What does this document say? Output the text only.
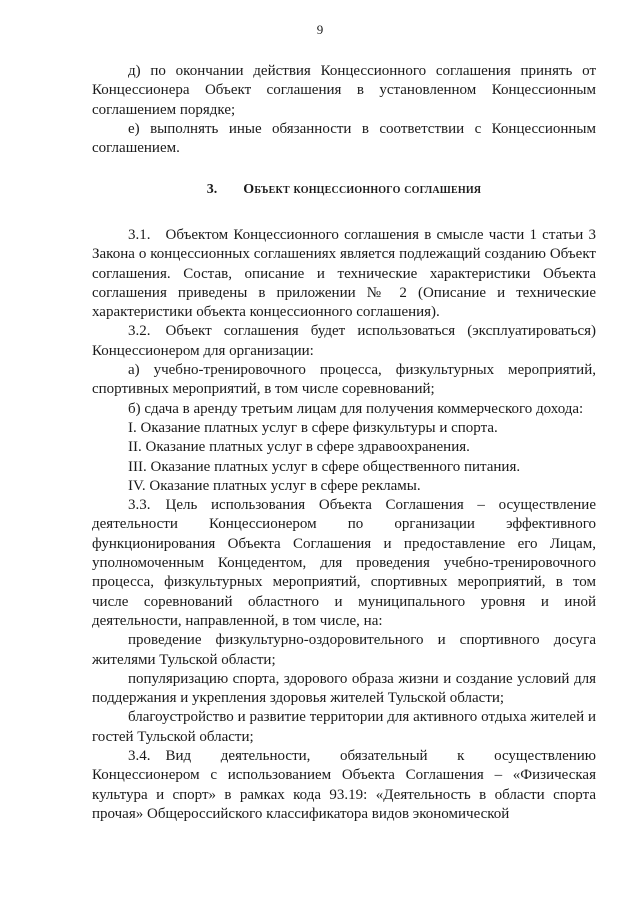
9

д) по окончании действия Концессионного соглашения принять от Концессионера Объект соглашения в установленном Концессионным соглашением порядке;

е) выполнять иные обязанности в соответствии с Концессионным соглашением.

3. Объект концессионного соглашения

3.1. Объектом Концессионного соглашения в смысле части 1 статьи 3 Закона о концессионных соглашениях является подлежащий созданию Объект соглашения. Состав, описание и технические характеристики Объекта соглашения приведены в приложении № 2 (Описание и технические характеристики объекта концессионного соглашения).

3.2. Объект соглашения будет использоваться (эксплуатироваться) Концессионером для организации:

а) учебно-тренировочного процесса, физкультурных мероприятий, спортивных мероприятий, в том числе соревнований;

б) сдача в аренду третьим лицам для получения коммерческого дохода:

I. Оказание платных услуг в сфере физкультуры и спорта.

II. Оказание платных услуг в сфере здравоохранения.

III. Оказание платных услуг в сфере общественного питания.

IV. Оказание платных услуг в сфере рекламы.

3.3. Цель использования Объекта Соглашения – осуществление деятельности Концессионером по организации эффективного функционирования Объекта Соглашения и предоставление его Лицам, уполномоченным Концедентом, для проведения учебно-тренировочного процесса, физкультурных мероприятий, спортивных мероприятий, в том числе соревнований областного и муниципального уровня и иной деятельности, направленной, в том числе, на:

проведение физкультурно-оздоровительного и спортивного досуга жителями Тульской области;

популяризацию спорта, здорового образа жизни и создание условий для поддержания и укрепления здоровья жителей Тульской области;

благоустройство и развитие территории для активного отдыха жителей и гостей Тульской области;

3.4. Вид деятельности, обязательный к осуществлению Концессионером с использованием Объекта Соглашения – «Физическая культура и спорт» в рамках кода 93.19: «Деятельность в области спорта прочая» Общероссийского классификатора видов экономической
